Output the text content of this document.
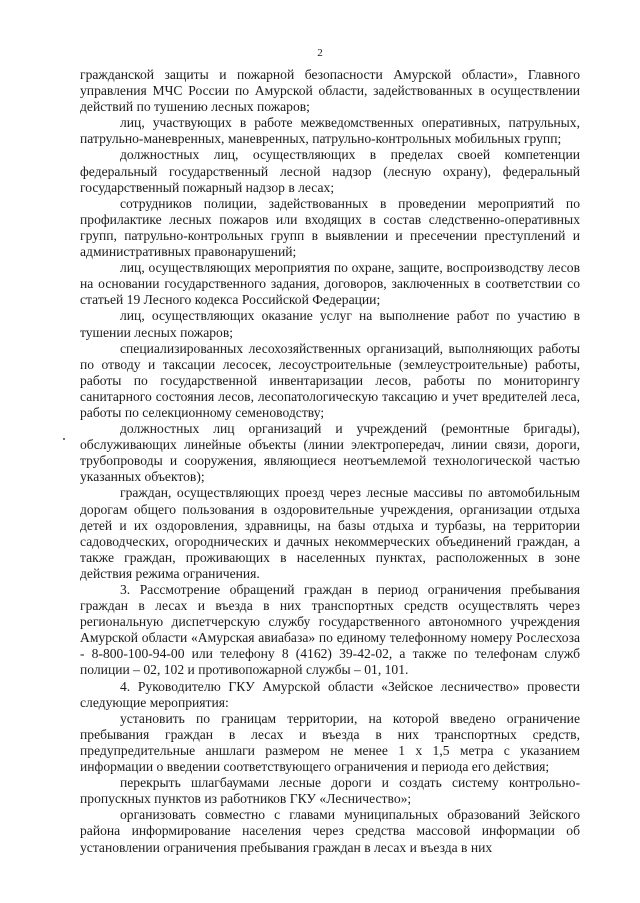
2

гражданской защиты и пожарной безопасности Амурской области», Главного управления МЧС России по Амурской области, задействованных в осуществлении действий по тушению лесных пожаров;

лиц, участвующих в работе межведомственных оперативных, патрульных, патрульно-маневренных, маневренных, патрульно-контрольных мобильных групп;

должностных лиц, осуществляющих в пределах своей компетенции федеральный государственный лесной надзор (лесную охрану), федеральный государственный пожарный надзор в лесах;

сотрудников полиции, задействованных в проведении мероприятий по профилактике лесных пожаров или входящих в состав следственно-оперативных групп, патрульно-контрольных групп в выявлении и пресечении преступлений и административных правонарушений;

лиц, осуществляющих мероприятия по охране, защите, воспроизводству лесов на основании государственного задания, договоров, заключенных в соответствии со статьей 19 Лесного кодекса Российской Федерации;

лиц, осуществляющих оказание услуг на выполнение работ по участию в тушении лесных пожаров;

специализированных лесохозяйственных организаций, выполняющих работы по отводу и таксации лесосек, лесоустроительные (землеустроительные) работы, работы по государственной инвентаризации лесов, работы по мониторингу санитарного состояния лесов, лесопатологическую таксацию и учет вредителей леса, работы по селекционному семеноводству;

должностных лиц организаций и учреждений (ремонтные бригады), обслуживающих линейные объекты (линии электропередач, линии связи, дороги, трубопроводы и сооружения, являющиеся неотъемлемой технологической частью указанных объектов);

граждан, осуществляющих проезд через лесные массивы по автомобильным дорогам общего пользования в оздоровительные учреждения, организации отдыха детей и их оздоровления, здравницы, на базы отдыха и турбазы, на территории садоводческих, огороднических и дачных некоммерческих объединений граждан, а также граждан, проживающих в населенных пунктах, расположенных в зоне действия режима ограничения.

3. Рассмотрение обращений граждан в период ограничения пребывания граждан в лесах и въезда в них транспортных средств осуществлять через региональную диспетчерскую службу государственного автономного учреждения Амурской области «Амурская авиабаза» по единому телефонному номеру Рослесхоза - 8-800-100-94-00 или телефону 8 (4162) 39-42-02, а также по телефонам служб полиции – 02, 102 и противопожарной службы – 01, 101.

4. Руководителю ГКУ Амурской области «Зейское лесничество» провести следующие мероприятия:

установить по границам территории, на которой введено ограничение пребывания граждан в лесах и въезда в них транспортных средств, предупредительные аншлаги размером не менее 1 х 1,5 метра с указанием информации о введении соответствующего ограничения и периода его действия;

перекрыть шлагбаумами лесные дороги и создать систему контрольно-пропускных пунктов из работников ГКУ «Лесничество»;

организовать совместно с главами муниципальных образований Зейского района информирование населения через средства массовой информации об установлении ограничения пребывания граждан в лесах и въезда в них
